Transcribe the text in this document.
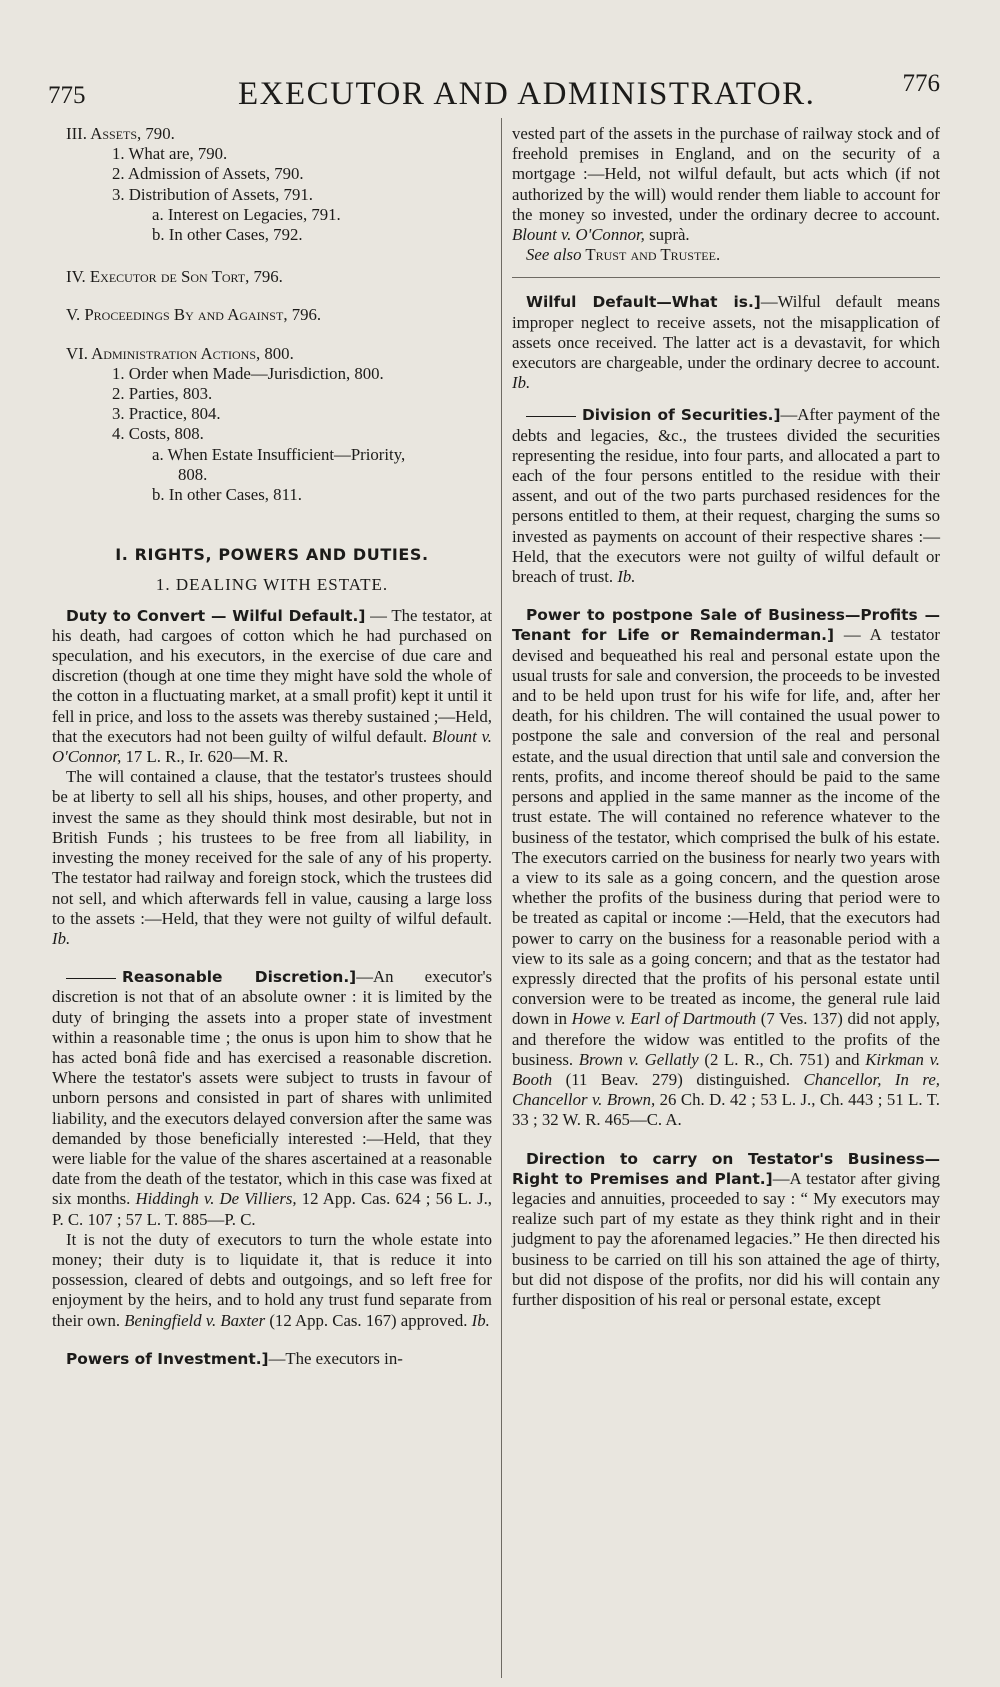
775	EXECUTOR AND ADMINISTRATOR.	776

III. Assets, 790.

1. What are, 790.

2. Admission of Assets, 790.

3. Distribution of Assets, 791.

a. Interest on Legacies, 791.

b. In other Cases, 792.

IV. Executor de Son Tort, 796.

V. Proceedings By and Against, 796.

VI. Administration Actions, 800.

1. Order when Made—Jurisdiction, 800.

2. Parties, 803.

3. Practice, 804.

4. Costs, 808.

a. When Estate Insufficient—Priority,

808.

b. In other Cases, 811.

I. RIGHTS, POWERS AND DUTIES.
1. DEALING WITH ESTATE.

Duty to Convert — Wilful Default.] — The testator, at his death, had cargoes of cotton which he had purchased on speculation, and his executors, in the exercise of due care and discretion (though at one time they might have sold the whole of the cotton in a fluctuating market, at a small profit) kept it until it fell in price, and loss to the assets was thereby sustained ;—Held, that the executors had not been guilty of wilful default. Blount v. O'Connor, 17 L. R., Ir. 620—M. R.

The will contained a clause, that the testator's trustees should be at liberty to sell all his ships, houses, and other property, and invest the same as they should think most desirable, but not in British Funds ; his trustees to be free from all liability, in investing the money received for the sale of any of his property. The testator had railway and foreign stock, which the trustees did not sell, and which afterwards fell in value, causing a large loss to the assets :—Held, that they were not guilty of wilful default. Ib.

Reasonable Discretion.]—An executor's discretion is not that of an absolute owner : it is limited by the duty of bringing the assets into a proper state of investment within a reasonable time ; the onus is upon him to show that he has acted bonâ fide and has exercised a reasonable discretion. Where the testator's assets were subject to trusts in favour of unborn persons and consisted in part of shares with unlimited liability, and the executors delayed conversion after the same was demanded by those beneficially interested :—Held, that they were liable for the value of the shares ascertained at a reasonable date from the death of the testator, which in this case was fixed at six months. Hiddingh v. De Villiers, 12 App. Cas. 624 ; 56 L. J., P. C. 107 ; 57 L. T. 885—P. C.

It is not the duty of executors to turn the whole estate into money; their duty is to liquidate it, that is reduce it into possession, cleared of debts and outgoings, and so left free for enjoyment by the heirs, and to hold any trust fund separate from their own. Beningfield v. Baxter (12 App. Cas. 167) approved. Ib.

Powers of Investment.]—The executors in-

vested part of the assets in the purchase of railway stock and of freehold premises in England, and on the security of a mortgage :—Held, not wilful default, but acts which (if not authorized by the will) would render them liable to account for the money so invested, under the ordinary decree to account. Blount v. O'Connor, suprà.

See also Trust and Trustee.

Wilful Default—What is.]—Wilful default means improper neglect to receive assets, not the misapplication of assets once received. The latter act is a devastavit, for which executors are chargeable, under the ordinary decree to account. Ib.

Division of Securities.]—After payment of the debts and legacies, &c., the trustees divided the securities representing the residue, into four parts, and allocated a part to each of the four persons entitled to the residue with their assent, and out of the two parts purchased residences for the persons entitled to them, at their request, charging the sums so invested as payments on account of their respective shares :—Held, that the executors were not guilty of wilful default or breach of trust. Ib.

Power to postpone Sale of Business—Profits — Tenant for Life or Remainderman.] — A testator devised and bequeathed his real and personal estate upon the usual trusts for sale and conversion, the proceeds to be invested and to be held upon trust for his wife for life, and, after her death, for his children. The will contained the usual power to postpone the sale and conversion of the real and personal estate, and the usual direction that until sale and conversion the rents, profits, and income thereof should be paid to the same persons and applied in the same manner as the income of the trust estate. The will contained no reference whatever to the business of the testator, which comprised the bulk of his estate. The executors carried on the business for nearly two years with a view to its sale as a going concern, and the question arose whether the profits of the business during that period were to be treated as capital or income :—Held, that the executors had power to carry on the business for a reasonable period with a view to its sale as a going concern; and that as the testator had expressly directed that the profits of his personal estate until conversion were to be treated as income, the general rule laid down in Howe v. Earl of Dartmouth (7 Ves. 137) did not apply, and therefore the widow was entitled to the profits of the business. Brown v. Gellatly (2 L. R., Ch. 751) and Kirkman v. Booth (11 Beav. 279) distinguished. Chancellor, In re, Chancellor v. Brown, 26 Ch. D. 42 ; 53 L. J., Ch. 443 ; 51 L. T. 33 ; 32 W. R. 465—C. A.

Direction to carry on Testator's Business—Right to Premises and Plant.]—A testator after giving legacies and annuities, proceeded to say : “ My executors may realize such part of my estate as they think right and in their judgment to pay the aforenamed legacies.” He then directed his business to be carried on till his son attained the age of thirty, but did not dispose of the profits, nor did his will contain any further disposition of his real or personal estate, except
